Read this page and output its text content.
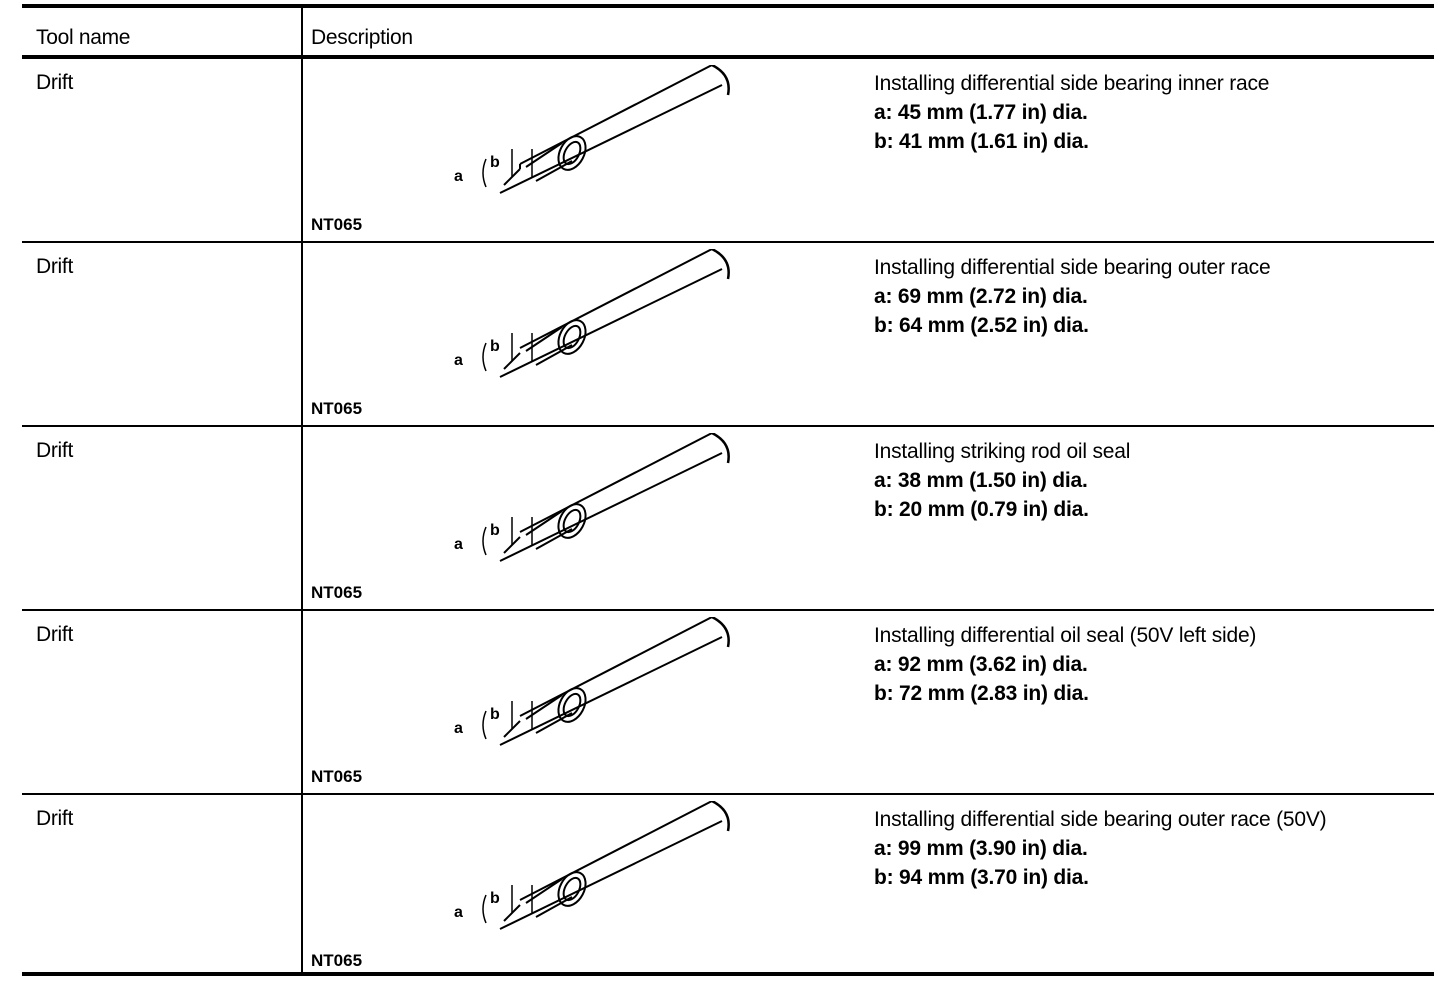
Tool name	Description
Drift
a
b
Installing differential side bearing inner race
a: 45 mm (1.77 in) dia.
b: 41 mm (1.61 in) dia.
NT065
Drift
a
b
Installing differential side bearing outer race
a: 69 mm (2.72 in) dia.
b: 64 mm (2.52 in) dia.
NT065
Drift
a
b
Installing striking rod oil seal
a: 38 mm (1.50 in) dia.
b: 20 mm (0.79 in) dia.
NT065
Drift
a
b
Installing differential oil seal (50V left side)
a: 92 mm (3.62 in) dia.
b: 72 mm (2.83 in) dia.
NT065
Drift
a
b
Installing differential side bearing outer race (50V)
a: 99 mm (3.90 in) dia.
b: 94 mm (3.70 in) dia.
NT065
